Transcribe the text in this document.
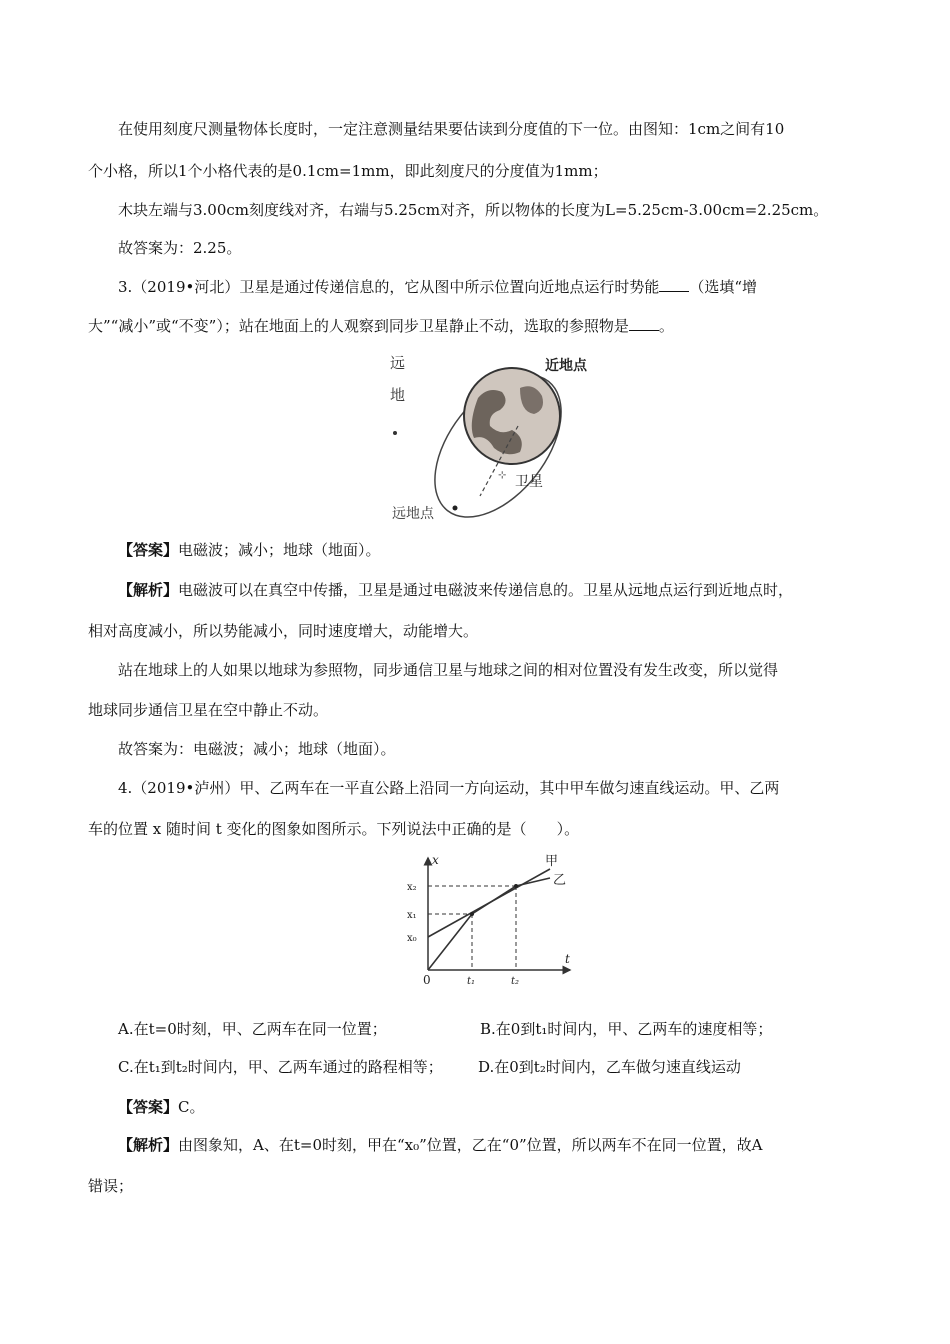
在使用刻度尺测量物体长度时，一定注意测量结果要估读到分度值的下一位。由图知：1cm之间有10
个小格，所以1个小格代表的是0.1cm=1mm，即此刻度尺的分度值为1mm；
木块左端与3.00cm刻度线对齐，右端与5.25cm对齐，所以物体的长度为L=5.25cm-3.00cm=2.25cm。
故答案为：2.25。
3.（2019•河北）卫星是通过传递信息的，它从图中所示位置向近地点运行时势能 （选填“增
大”“减小”或“不变”）；站在地面上的人观察到同步卫星静止不动，选取的参照物是 。
远
地
近地点
⊹ 卫星
远地点
【答案】电磁波；减小；地球（地面）。
【解析】电磁波可以在真空中传播，卫星是通过电磁波来传递信息的。卫星从远地点运行到近地点时，
相对高度减小，所以势能减小，同时速度增大，动能增大。
站在地球上的人如果以地球为参照物，同步通信卫星与地球之间的相对位置没有发生改变，所以觉得
地球同步通信卫星在空中静止不动。
故答案为：电磁波；减小；地球（地面）。
4.（2019•泸州）甲、乙两车在一平直公路上沿同一方向运动，其中甲车做匀速直线运动。甲、乙两
车的位置 x 随时间 t 变化的图象如图所示。下列说法中正确的是（　　）。
x
t
0
x₂
x₁
x₀
t₁	t₂
甲
乙
A.在t=0时刻，甲、乙两车在同一位置；	B.在0到t₁时间内，甲、乙两车的速度相等；
C.在t₁到t₂时间内，甲、乙两车通过的路程相等； D.在0到t₂时间内，乙车做匀速直线运动
【答案】C。
【解析】由图象知，A、在t=0时刻，甲在“x₀”位置，乙在“0”位置，所以两车不在同一位置，故A
错误；
